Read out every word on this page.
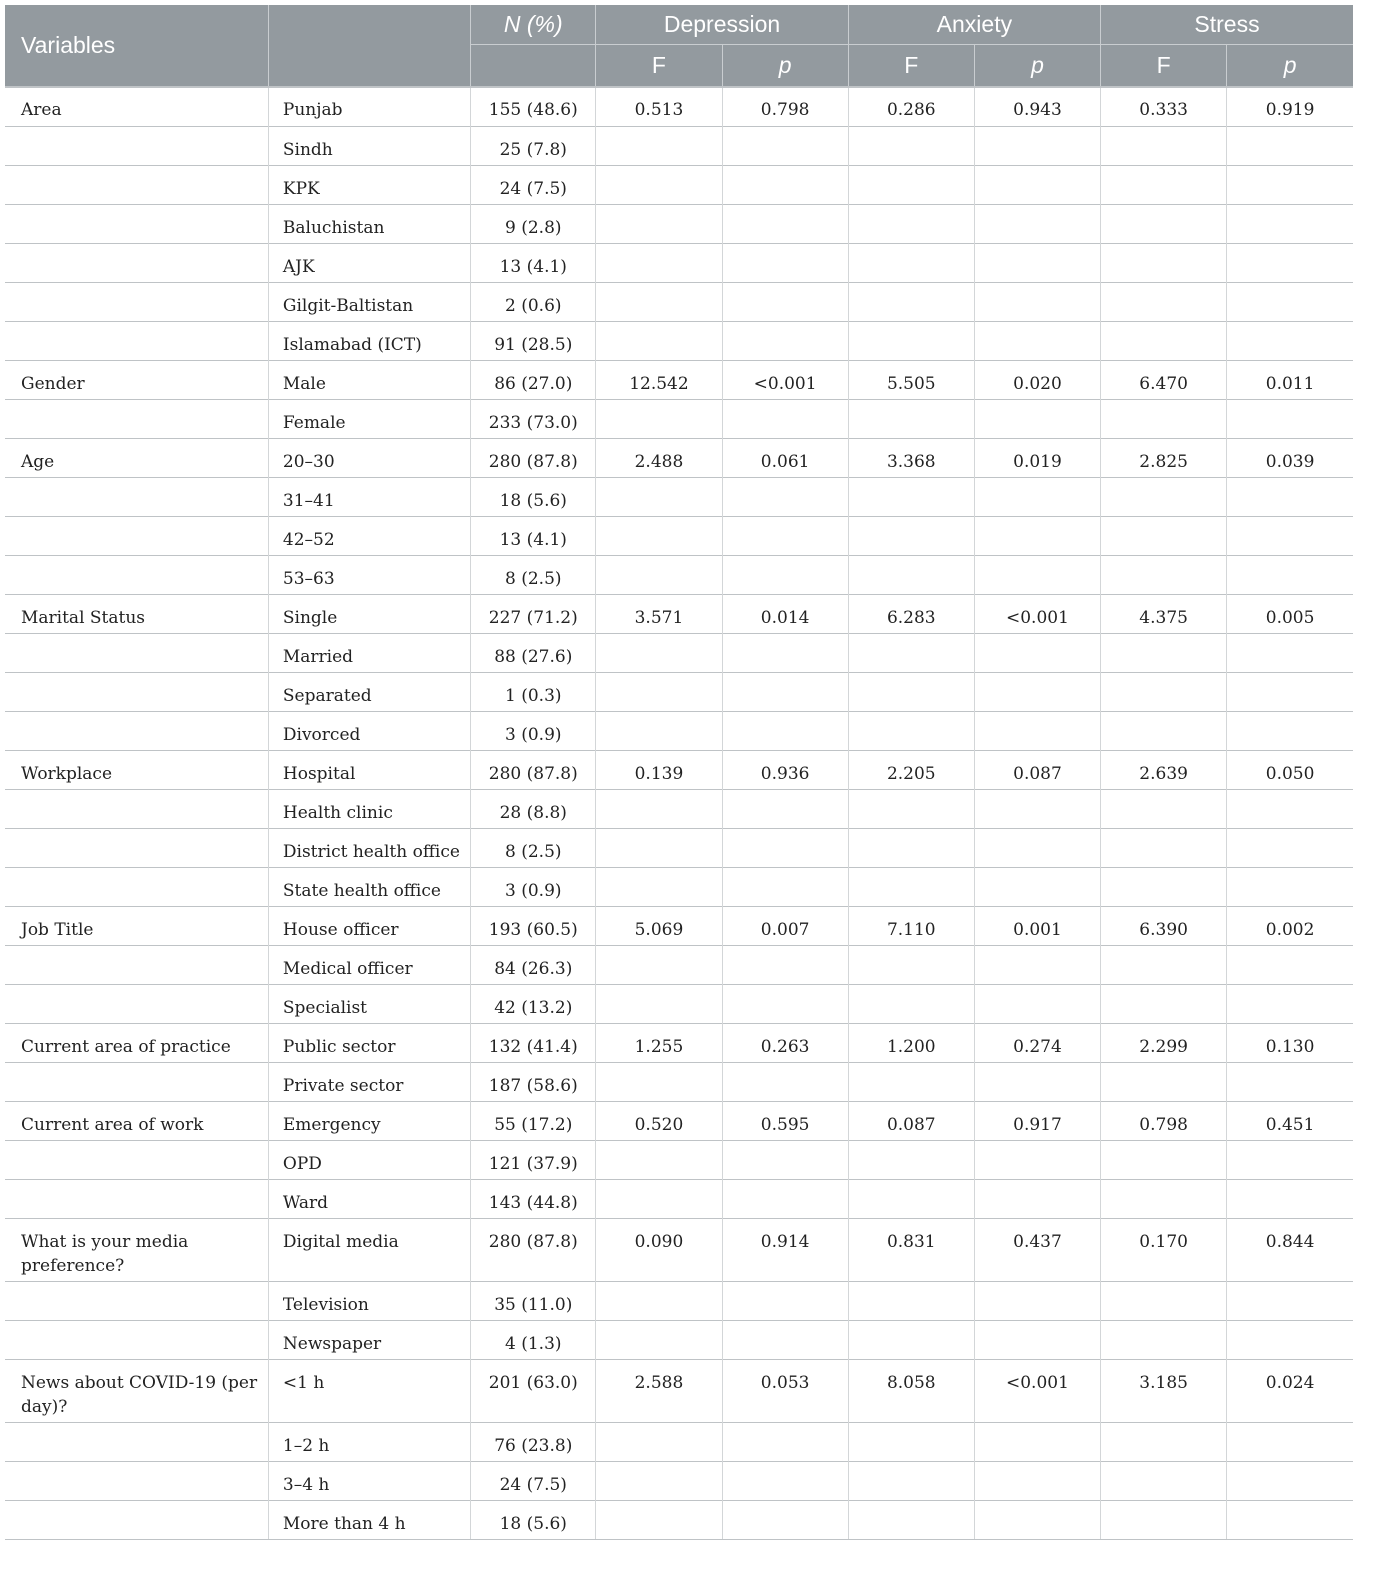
Variables		N (%)	Depression		Anxiety		Stress	
			F	p	F	p	F	p
Area	Punjab	155 (48.6)	0.513	0.798	0.286	0.943	0.333	0.919
	Sindh	25 (7.8)						
	KPK	24 (7.5)						
	Baluchistan	9 (2.8)						
	AJK	13 (4.1)						
	Gilgit-Baltistan	2 (0.6)						
	Islamabad (ICT)	91 (28.5)						
Gender	Male	86 (27.0)	12.542	<0.001	5.505	0.020	6.470	0.011
	Female	233 (73.0)						
Age	20–30	280 (87.8)	2.488	0.061	3.368	0.019	2.825	0.039
	31–41	18 (5.6)						
	42–52	13 (4.1)						
	53–63	8 (2.5)						
Marital Status	Single	227 (71.2)	3.571	0.014	6.283	<0.001	4.375	0.005
	Married	88 (27.6)						
	Separated	1 (0.3)						
	Divorced	3 (0.9)						
Workplace	Hospital	280 (87.8)	0.139	0.936	2.205	0.087	2.639	0.050
	Health clinic	28 (8.8)						
	District health office	8 (2.5)						
	State health office	3 (0.9)						
Job Title	House officer	193 (60.5)	5.069	0.007	7.110	0.001	6.390	0.002
	Medical officer	84 (26.3)						
	Specialist	42 (13.2)						
Current area of practice	Public sector	132 (41.4)	1.255	0.263	1.200	0.274	2.299	0.130
	Private sector	187 (58.6)						
Current area of work	Emergency	55 (17.2)	0.520	0.595	0.087	0.917	0.798	0.451
	OPD	121 (37.9)						
	Ward	143 (44.8)						
What is your media preference?	Digital media	280 (87.8)	0.090	0.914	0.831	0.437	0.170	0.844
	Television	35 (11.0)						
	Newspaper	4 (1.3)						
News about COVID-19 (per day)?	<1 h	201 (63.0)	2.588	0.053	8.058	<0.001	3.185	0.024
	1–2 h	76 (23.8)						
	3–4 h	24 (7.5)						
	More than 4 h	18 (5.6)						
